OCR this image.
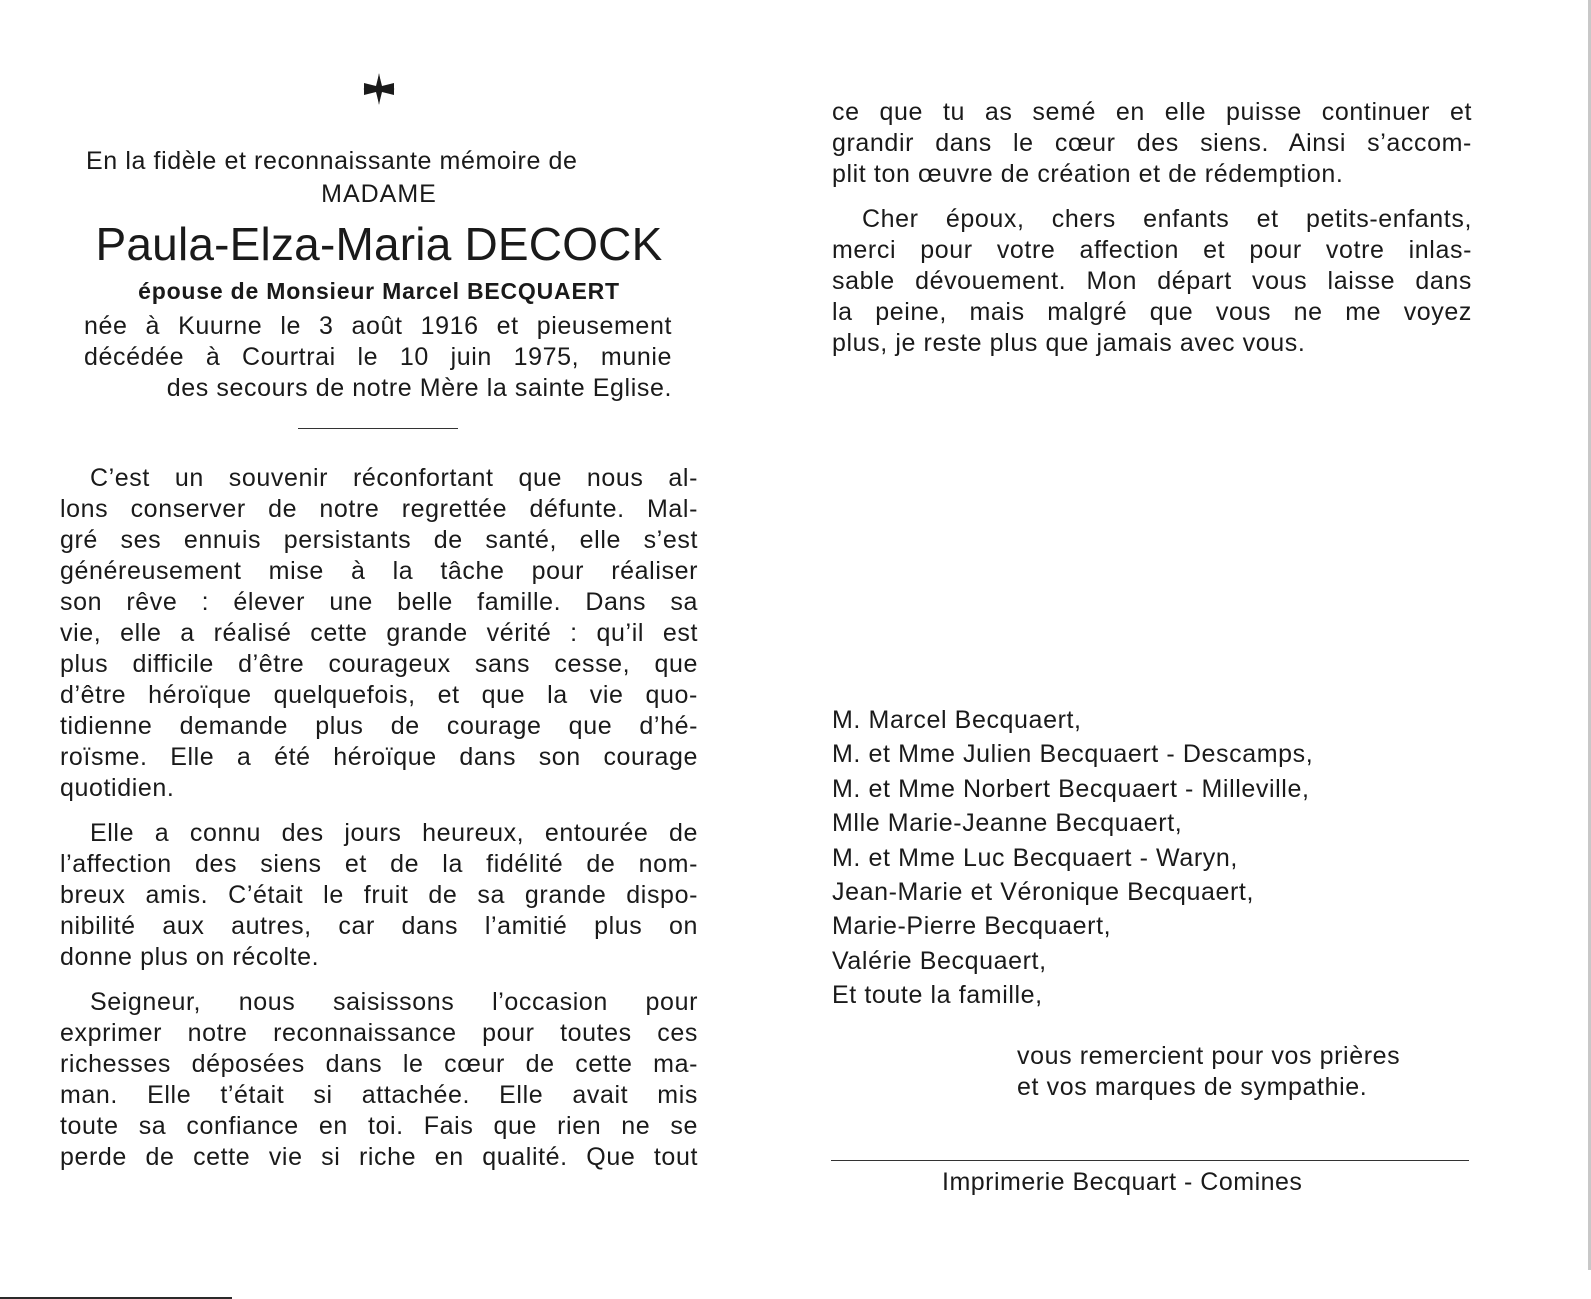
En la fidèle et reconnaissante mémoire de
MADAME
Paula-Elza-Maria DECOCK
épouse de Monsieur Marcel BECQUAERT

née à Kuurne le 3 août 1916 et pieusement

décédée à Courtrai le 10 juin 1975, munie

des secours de notre Mère la sainte Eglise.

C’est un souvenir réconfortant que nous al-
lons conserver de notre regrettée défunte. Mal-
gré ses ennuis persistants de santé, elle s’est
généreusement mise à la tâche pour réaliser
son rêve : élever une belle famille. Dans sa
vie, elle a réalisé cette grande vérité : qu’il est
plus difficile d’être courageux sans cesse, que
d’être héroïque quelquefois, et que la vie quo-
tidienne demande plus de courage que d’hé-
roïsme. Elle a été héroïque dans son courage
quotidien.
Elle a connu des jours heureux, entourée de
l’affection des siens et de la fidélité de nom-
breux amis. C’était le fruit de sa grande dispo-
nibilité aux autres, car dans l’amitié plus on
donne plus on récolte.
Seigneur, nous saisissons l’occasion pour
exprimer notre reconnaissance pour toutes ces
richesses déposées dans le cœur de cette ma-
man. Elle t’était si attachée. Elle avait mis
toute sa confiance en toi. Fais que rien ne se
perde de cette vie si riche en qualité. Que tout
ce que tu as semé en elle puisse continuer et
grandir dans le cœur des siens. Ainsi s’accom-
plit ton œuvre de création et de rédemption.
Cher époux, chers enfants et petits-enfants,
merci pour votre affection et pour votre inlas-
sable dévouement. Mon départ vous laisse dans
la peine, mais malgré que vous ne me voyez
plus, je reste plus que jamais avec vous.
M. Marcel Becquaert,
M. et Mme Julien Becquaert - Descamps,
M. et Mme Norbert Becquaert - Milleville,
Mlle Marie-Jeanne Becquaert,
M. et Mme Luc Becquaert - Waryn,
Jean-Marie et Véronique Becquaert,
Marie-Pierre Becquaert,
Valérie Becquaert,
Et toute la famille,
vous remercient pour vos prières
et vos marques de sympathie.
Imprimerie Becquart - Comines
